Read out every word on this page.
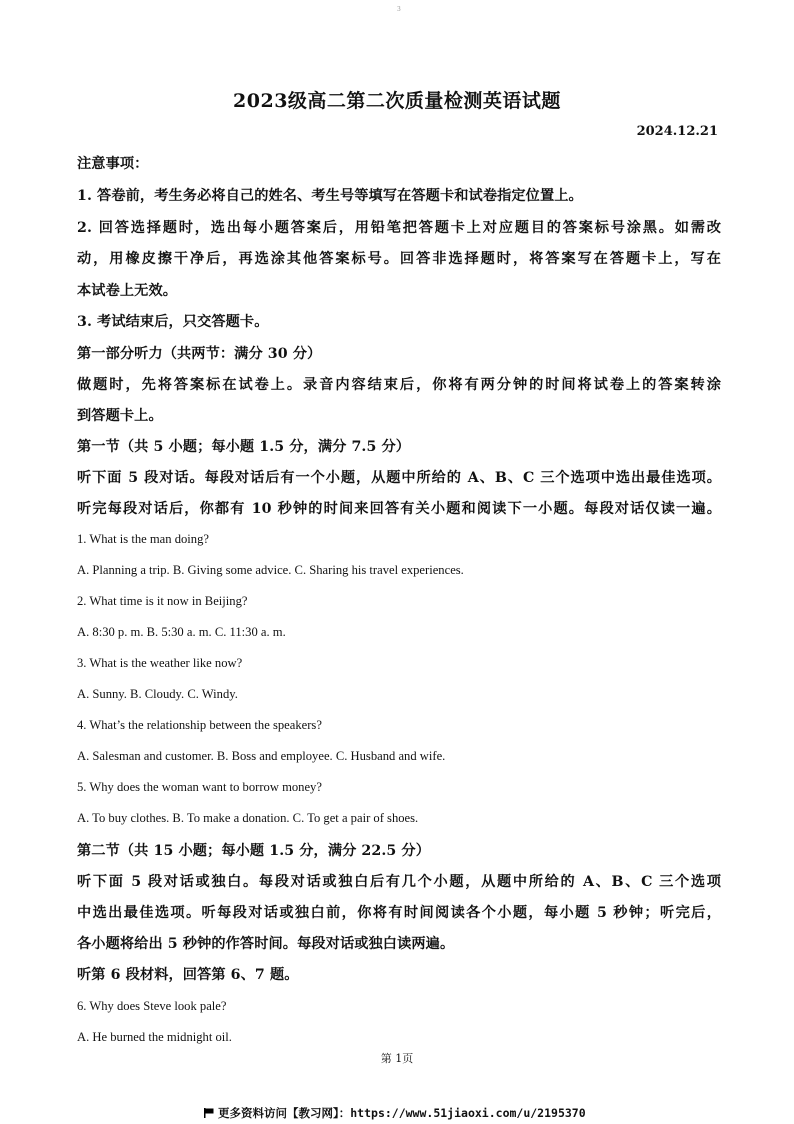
3
2023级高二第二次质量检测英语试题
2024.12.21
注意事项：
1. 答卷前，考生务必将自己的姓名、考生号等填写在答题卡和试卷指定位置上。
2. 回答选择题时，选出每小题答案后，用铅笔把答题卡上对应题目的答案标号涂黑。如需改
动，用橡皮擦干净后，再选涂其他答案标号。回答非选择题时，将答案写在答题卡上，写在
本试卷上无效。
3. 考试结束后，只交答题卡。
第一部分听力（共两节：满分 30 分）
做题时，先将答案标在试卷上。录音内容结束后，你将有两分钟的时间将试卷上的答案转涂
到答题卡上。
第一节（共 5 小题；每小题 1.5 分，满分 7.5 分）
听下面 5 段对话。每段对话后有一个小题，从题中所给的 A、B、C 三个选项中选出最佳选项。
听完每段对话后，你都有 10 秒钟的时间来回答有关小题和阅读下一小题。每段对话仅读一遍。
1. What is the man doing?
A. Planning a trip. B. Giving some advice. C. Sharing his travel experiences.
2. What time is it now in Beijing?
A. 8:30 p. m. B. 5:30 a. m. C. 11:30 a. m.
3. What is the weather like now?
A. Sunny. B. Cloudy. C. Windy.
4. What’s the relationship between the speakers?
A. Salesman and customer. B. Boss and employee. C. Husband and wife.
5. Why does the woman want to borrow money?
A. To buy clothes. B. To make a donation. C. To get a pair of shoes.
第二节（共 15 小题；每小题 1.5 分，满分 22.5 分）
听下面 5 段对话或独白。每段对话或独白后有几个小题，从题中所给的 A、B、C 三个选项
中选出最佳选项。听每段对话或独白前，你将有时间阅读各个小题，每小题 5 秒钟；听完后，
各小题将给出 5 秒钟的作答时间。每段对话或独白读两遍。
听第 6 段材料，回答第 6、7 题。
6. Why does Steve look pale?
A. He burned the midnight oil.
第 1页
更多资料访问【教习网】：https://www.51jiaoxi.com/u/2195370
